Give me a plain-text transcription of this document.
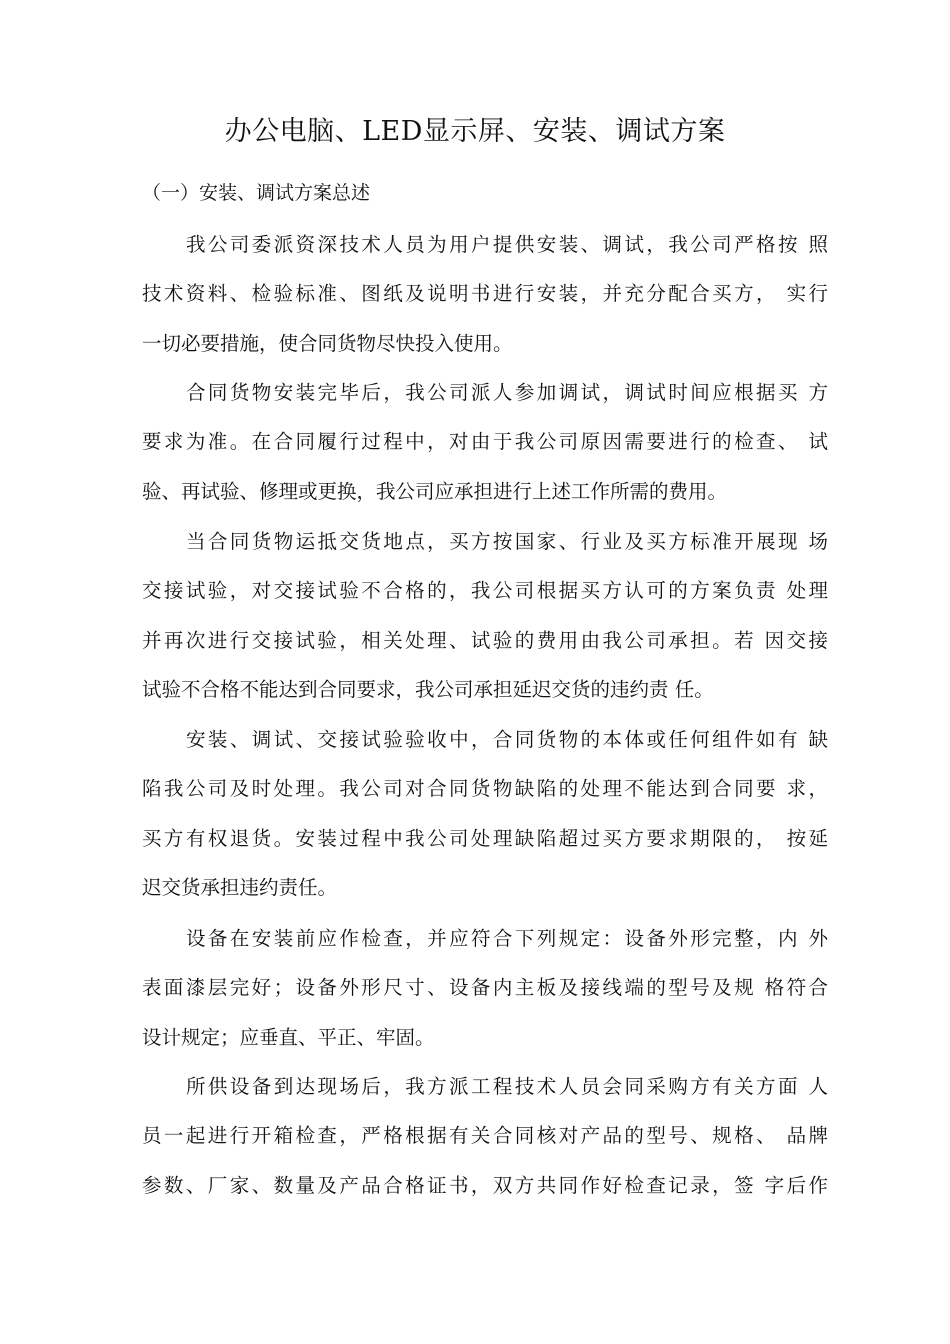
办公电脑、LED显示屏、安装、调试方案
（一）安装、调试方案总述
我公司委派资深技术人员为用户提供安装、调试，我公司严格按 照
技术资料、检验标准、图纸及说明书进行安装，并充分配合买方， 实行
一切必要措施，使合同货物尽快投入使用。
合同货物安装完毕后，我公司派人参加调试，调试时间应根据买 方
要求为准。在合同履行过程中，对由于我公司原因需要进行的检查、 试
验、再试验、修理或更换，我公司应承担进行上述工作所需的费用。
当合同货物运抵交货地点，买方按国家、行业及买方标准开展现 场
交接试验，对交接试验不合格的，我公司根据买方认可的方案负责 处理
并再次进行交接试验，相关处理、试验的费用由我公司承担。若 因交接
试验不合格不能达到合同要求，我公司承担延迟交货的违约责 任。
安装、调试、交接试验验收中，合同货物的本体或任何组件如有 缺
陷我公司及时处理。我公司对合同货物缺陷的处理不能达到合同要 求，
买方有权退货。安装过程中我公司处理缺陷超过买方要求期限的， 按延
迟交货承担违约责任。
设备在安装前应作检查，并应符合下列规定：设备外形完整，内 外
表面漆层完好；设备外形尺寸、设备内主板及接线端的型号及规 格符合
设计规定；应垂直、平正、牢固。
所供设备到达现场后，我方派工程技术人员会同采购方有关方面 人
员一起进行开箱检查，严格根据有关合同核对产品的型号、规格、 品牌
参数、厂家、数量及产品合格证书，双方共同作好检查记录，签 字后作
